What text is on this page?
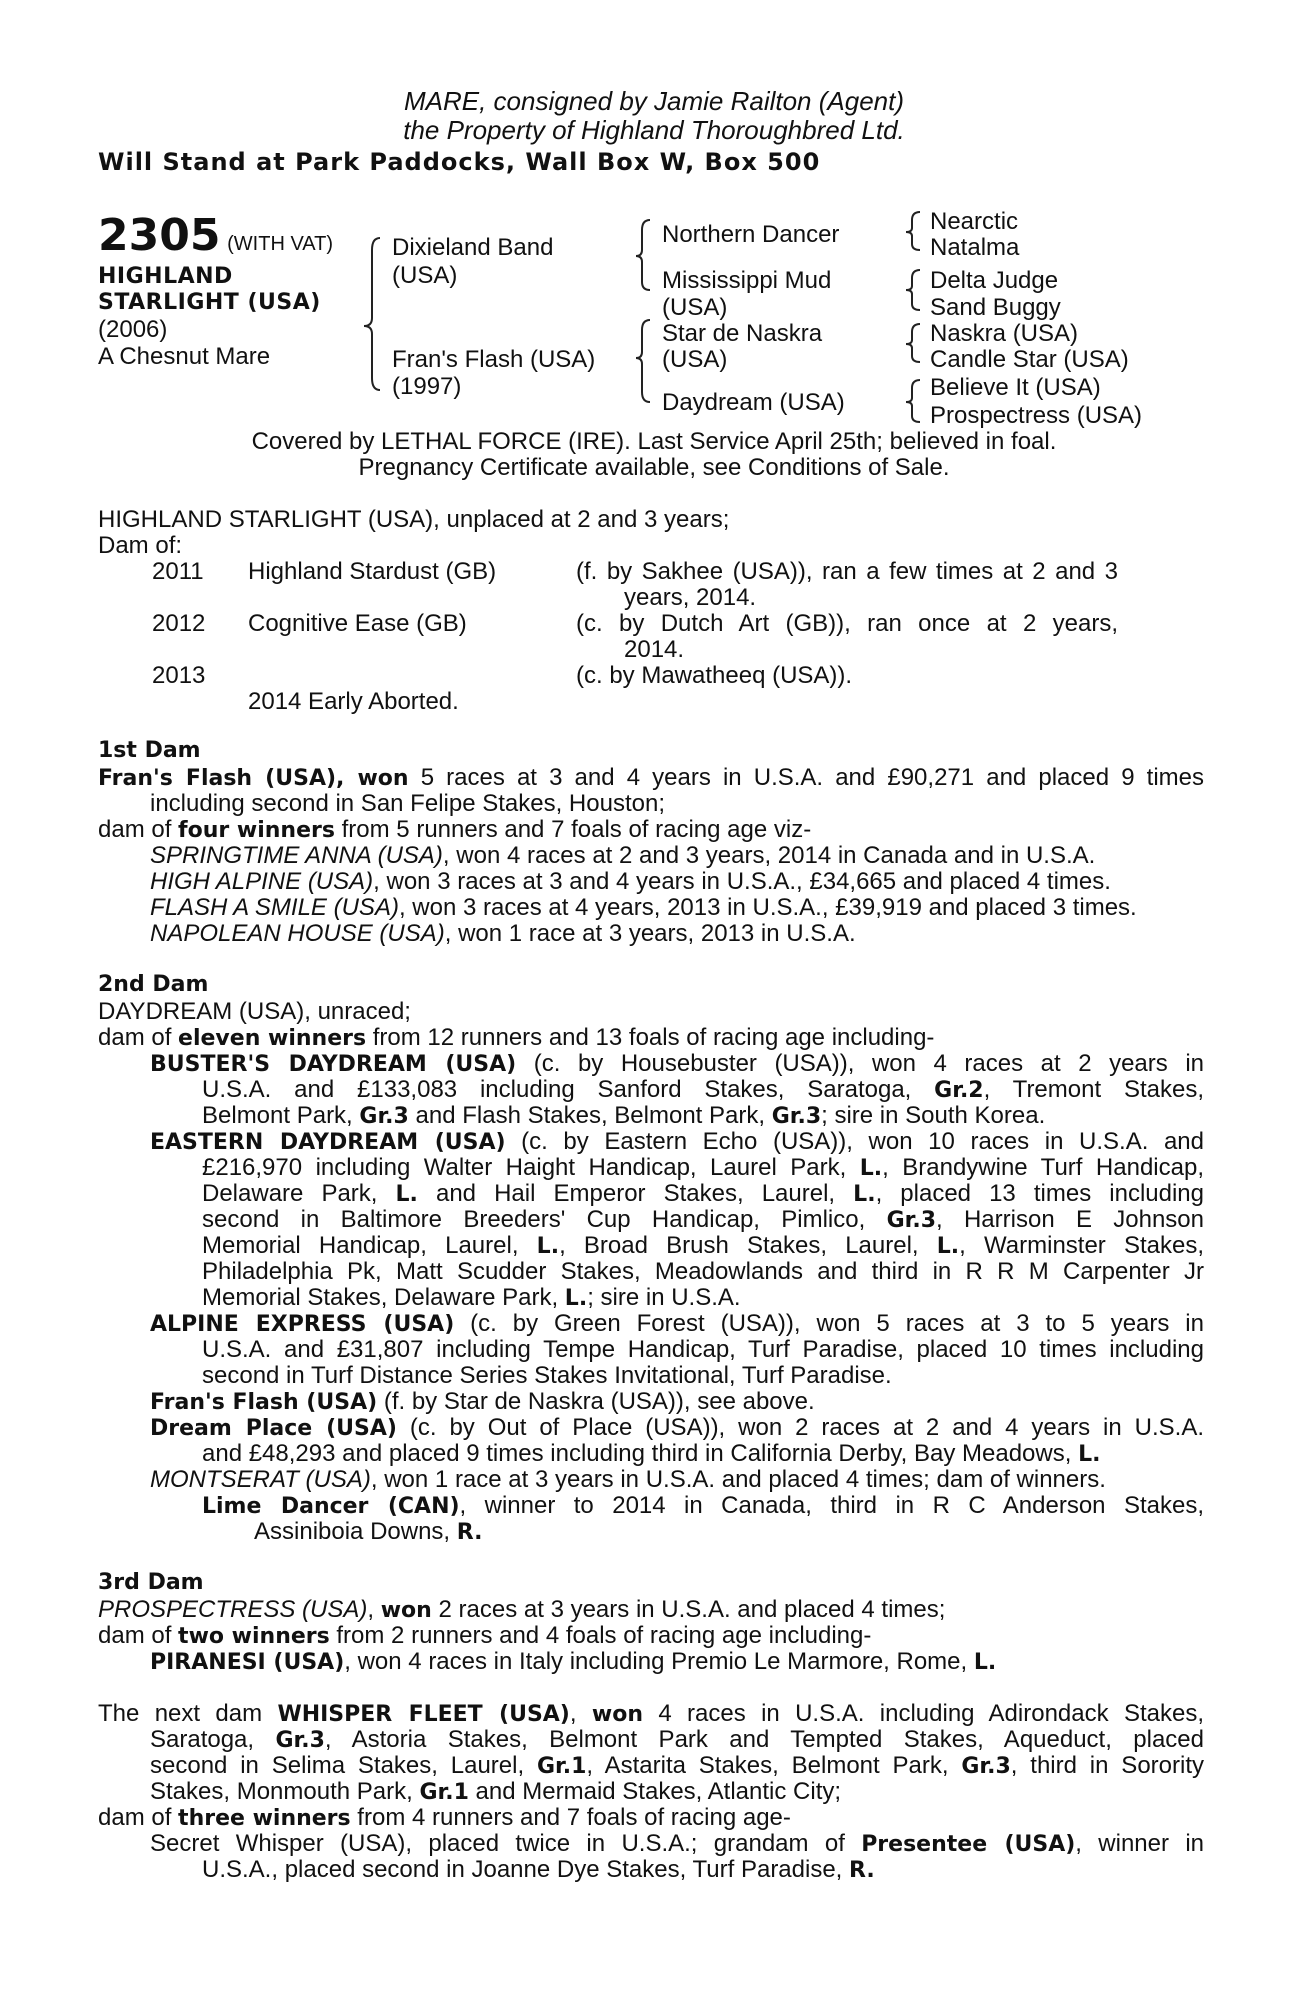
MARE, consigned by Jamie Railton (Agent)
the Property of Highland Thoroughbred Ltd.
Will Stand at Park Paddocks, Wall Box W, Box 500
2305 (WITH VAT)
HIGHLAND
STARLIGHT (USA)
(2006)
A Chesnut Mare
Dixieland Band
(USA)
Fran's Flash (USA)
(1997)
Northern Dancer
Mississippi Mud
(USA)
Star de Naskra
(USA)
Daydream (USA)
Nearctic
Natalma
Delta Judge
Sand Buggy
Naskra (USA)
Candle Star (USA)
Believe It (USA)
Prospectress (USA)
Covered by LETHAL FORCE (IRE). Last Service April 25th; believed in foal.
Pregnancy Certificate available, see Conditions of Sale.
HIGHLAND STARLIGHT (USA), unplaced at 2 and 3 years;
Dam of:
2011 Highland Stardust (GB)	(f. by Sakhee (USA)), ran a few times at 2 and 3
years, 2014.
2012 Cognitive Ease (GB)	(c. by Dutch Art (GB)), ran once at 2 years,
2014.
2013	(c. by Mawatheeq (USA)).
2014 Early Aborted.
1st Dam
Fran's Flash (USA), won 5 races at 3 and 4 years in U.S.A. and £90,271 and placed 9 times
including second in San Felipe Stakes, Houston;
dam of four winners from 5 runners and 7 foals of racing age viz-
SPRINGTIME ANNA (USA), won 4 races at 2 and 3 years, 2014 in Canada and in U.S.A.
HIGH ALPINE (USA), won 3 races at 3 and 4 years in U.S.A., £34,665 and placed 4 times.
FLASH A SMILE (USA), won 3 races at 4 years, 2013 in U.S.A., £39,919 and placed 3 times.
NAPOLEAN HOUSE (USA), won 1 race at 3 years, 2013 in U.S.A.
2nd Dam
DAYDREAM (USA), unraced;
dam of eleven winners from 12 runners and 13 foals of racing age including-
BUSTER'S DAYDREAM (USA) (c. by Housebuster (USA)), won 4 races at 2 years in
U.S.A. and £133,083 including Sanford Stakes, Saratoga, Gr.2, Tremont Stakes,
Belmont Park, Gr.3 and Flash Stakes, Belmont Park, Gr.3; sire in South Korea.
EASTERN DAYDREAM (USA) (c. by Eastern Echo (USA)), won 10 races in U.S.A. and
£216,970 including Walter Haight Handicap, Laurel Park, L., Brandywine Turf Handicap,
Delaware Park, L. and Hail Emperor Stakes, Laurel, L., placed 13 times including
second in Baltimore Breeders' Cup Handicap, Pimlico, Gr.3, Harrison E Johnson
Memorial Handicap, Laurel, L., Broad Brush Stakes, Laurel, L., Warminster Stakes,
Philadelphia Pk, Matt Scudder Stakes, Meadowlands and third in R R M Carpenter Jr
Memorial Stakes, Delaware Park, L.; sire in U.S.A.
ALPINE EXPRESS (USA) (c. by Green Forest (USA)), won 5 races at 3 to 5 years in
U.S.A. and £31,807 including Tempe Handicap, Turf Paradise, placed 10 times including
second in Turf Distance Series Stakes Invitational, Turf Paradise.
Fran's Flash (USA) (f. by Star de Naskra (USA)), see above.
Dream Place (USA) (c. by Out of Place (USA)), won 2 races at 2 and 4 years in U.S.A.
and £48,293 and placed 9 times including third in California Derby, Bay Meadows, L.
MONTSERAT (USA), won 1 race at 3 years in U.S.A. and placed 4 times; dam of winners.
Lime Dancer (CAN), winner to 2014 in Canada, third in R C Anderson Stakes,
Assiniboia Downs, R.
3rd Dam
PROSPECTRESS (USA), won 2 races at 3 years in U.S.A. and placed 4 times;
dam of two winners from 2 runners and 4 foals of racing age including-
PIRANESI (USA), won 4 races in Italy including Premio Le Marmore, Rome, L.
The next dam WHISPER FLEET (USA), won 4 races in U.S.A. including Adirondack Stakes,
Saratoga, Gr.3, Astoria Stakes, Belmont Park and Tempted Stakes, Aqueduct, placed
second in Selima Stakes, Laurel, Gr.1, Astarita Stakes, Belmont Park, Gr.3, third in Sorority
Stakes, Monmouth Park, Gr.1 and Mermaid Stakes, Atlantic City;
dam of three winners from 4 runners and 7 foals of racing age-
Secret Whisper (USA), placed twice in U.S.A.; grandam of Presentee (USA), winner in
U.S.A., placed second in Joanne Dye Stakes, Turf Paradise, R.
